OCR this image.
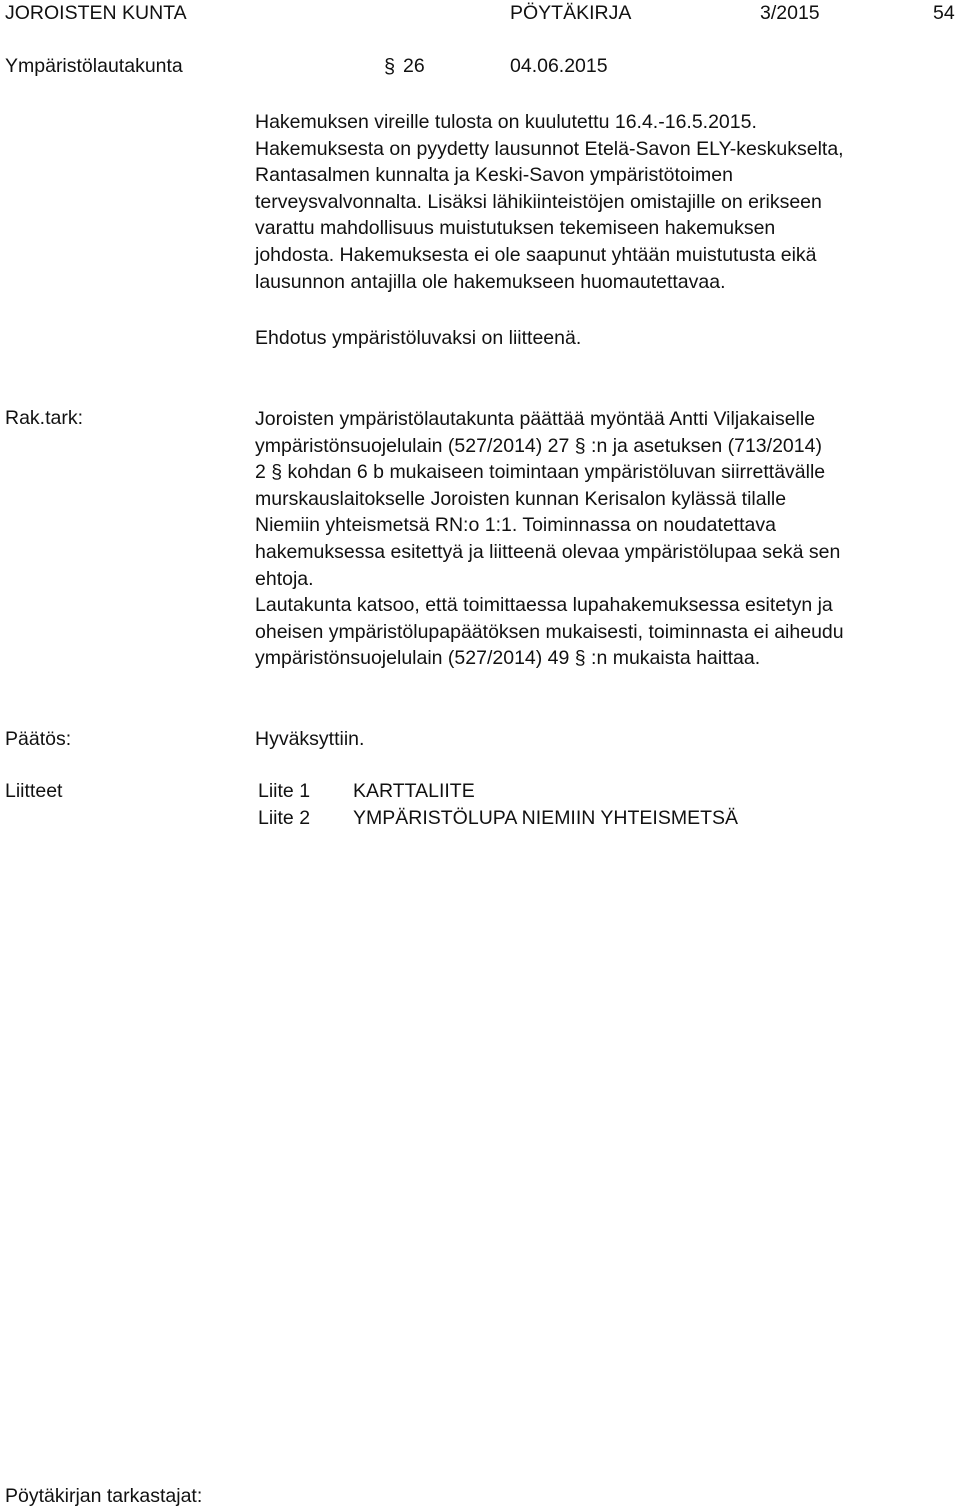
JOROISTEN KUNTA	PÖYTÄKIRJA	3/2015	54
Ympäristölautakunta	§ 26	04.06.2015
Hakemuksen vireille tulosta on kuulutettu 16.4.-16.5.2015.
Hakemuksesta on pyydetty lausunnot Etelä-Savon ELY-keskukselta,
Rantasalmen kunnalta ja Keski-Savon ympäristötoimen
terveysvalvonnalta. Lisäksi lähikiinteistöjen omistajille on erikseen
varattu mahdollisuus muistutuksen tekemiseen hakemuksen
johdosta. Hakemuksesta ei ole saapunut yhtään muistutusta eikä
lausunnon antajilla ole hakemukseen huomautettavaa.
Ehdotus ympäristöluvaksi on liitteenä.
Rak.tark:	Joroisten ympäristölautakunta päättää myöntää Antti Viljakaiselle
ympäristönsuojelulain (527/2014) 27 § :n ja asetuksen (713/2014)
2 § kohdan 6 b mukaiseen toimintaan ympäristöluvan siirrettävälle
murskauslaitokselle Joroisten kunnan Kerisalon kylässä tilalle
Niemiin yhteismetsä RN:o 1:1. Toiminnassa on noudatettava
hakemuksessa esitettyä ja liitteenä olevaa ympäristölupaa sekä sen
ehtoja.
Lautakunta katsoo, että toimittaessa lupahakemuksessa esitetyn ja
oheisen ympäristölupapäätöksen mukaisesti, toiminnasta ei aiheudu
ympäristönsuojelulain (527/2014) 49 § :n mukaista haittaa.
Päätös:	Hyväksyttiin.
Liitteet	Liite 1 KARTTALIITE
Liite 2 YMPÄRISTÖLUPA NIEMIIN YHTEISMETSÄ
Pöytäkirjan tarkastajat:
